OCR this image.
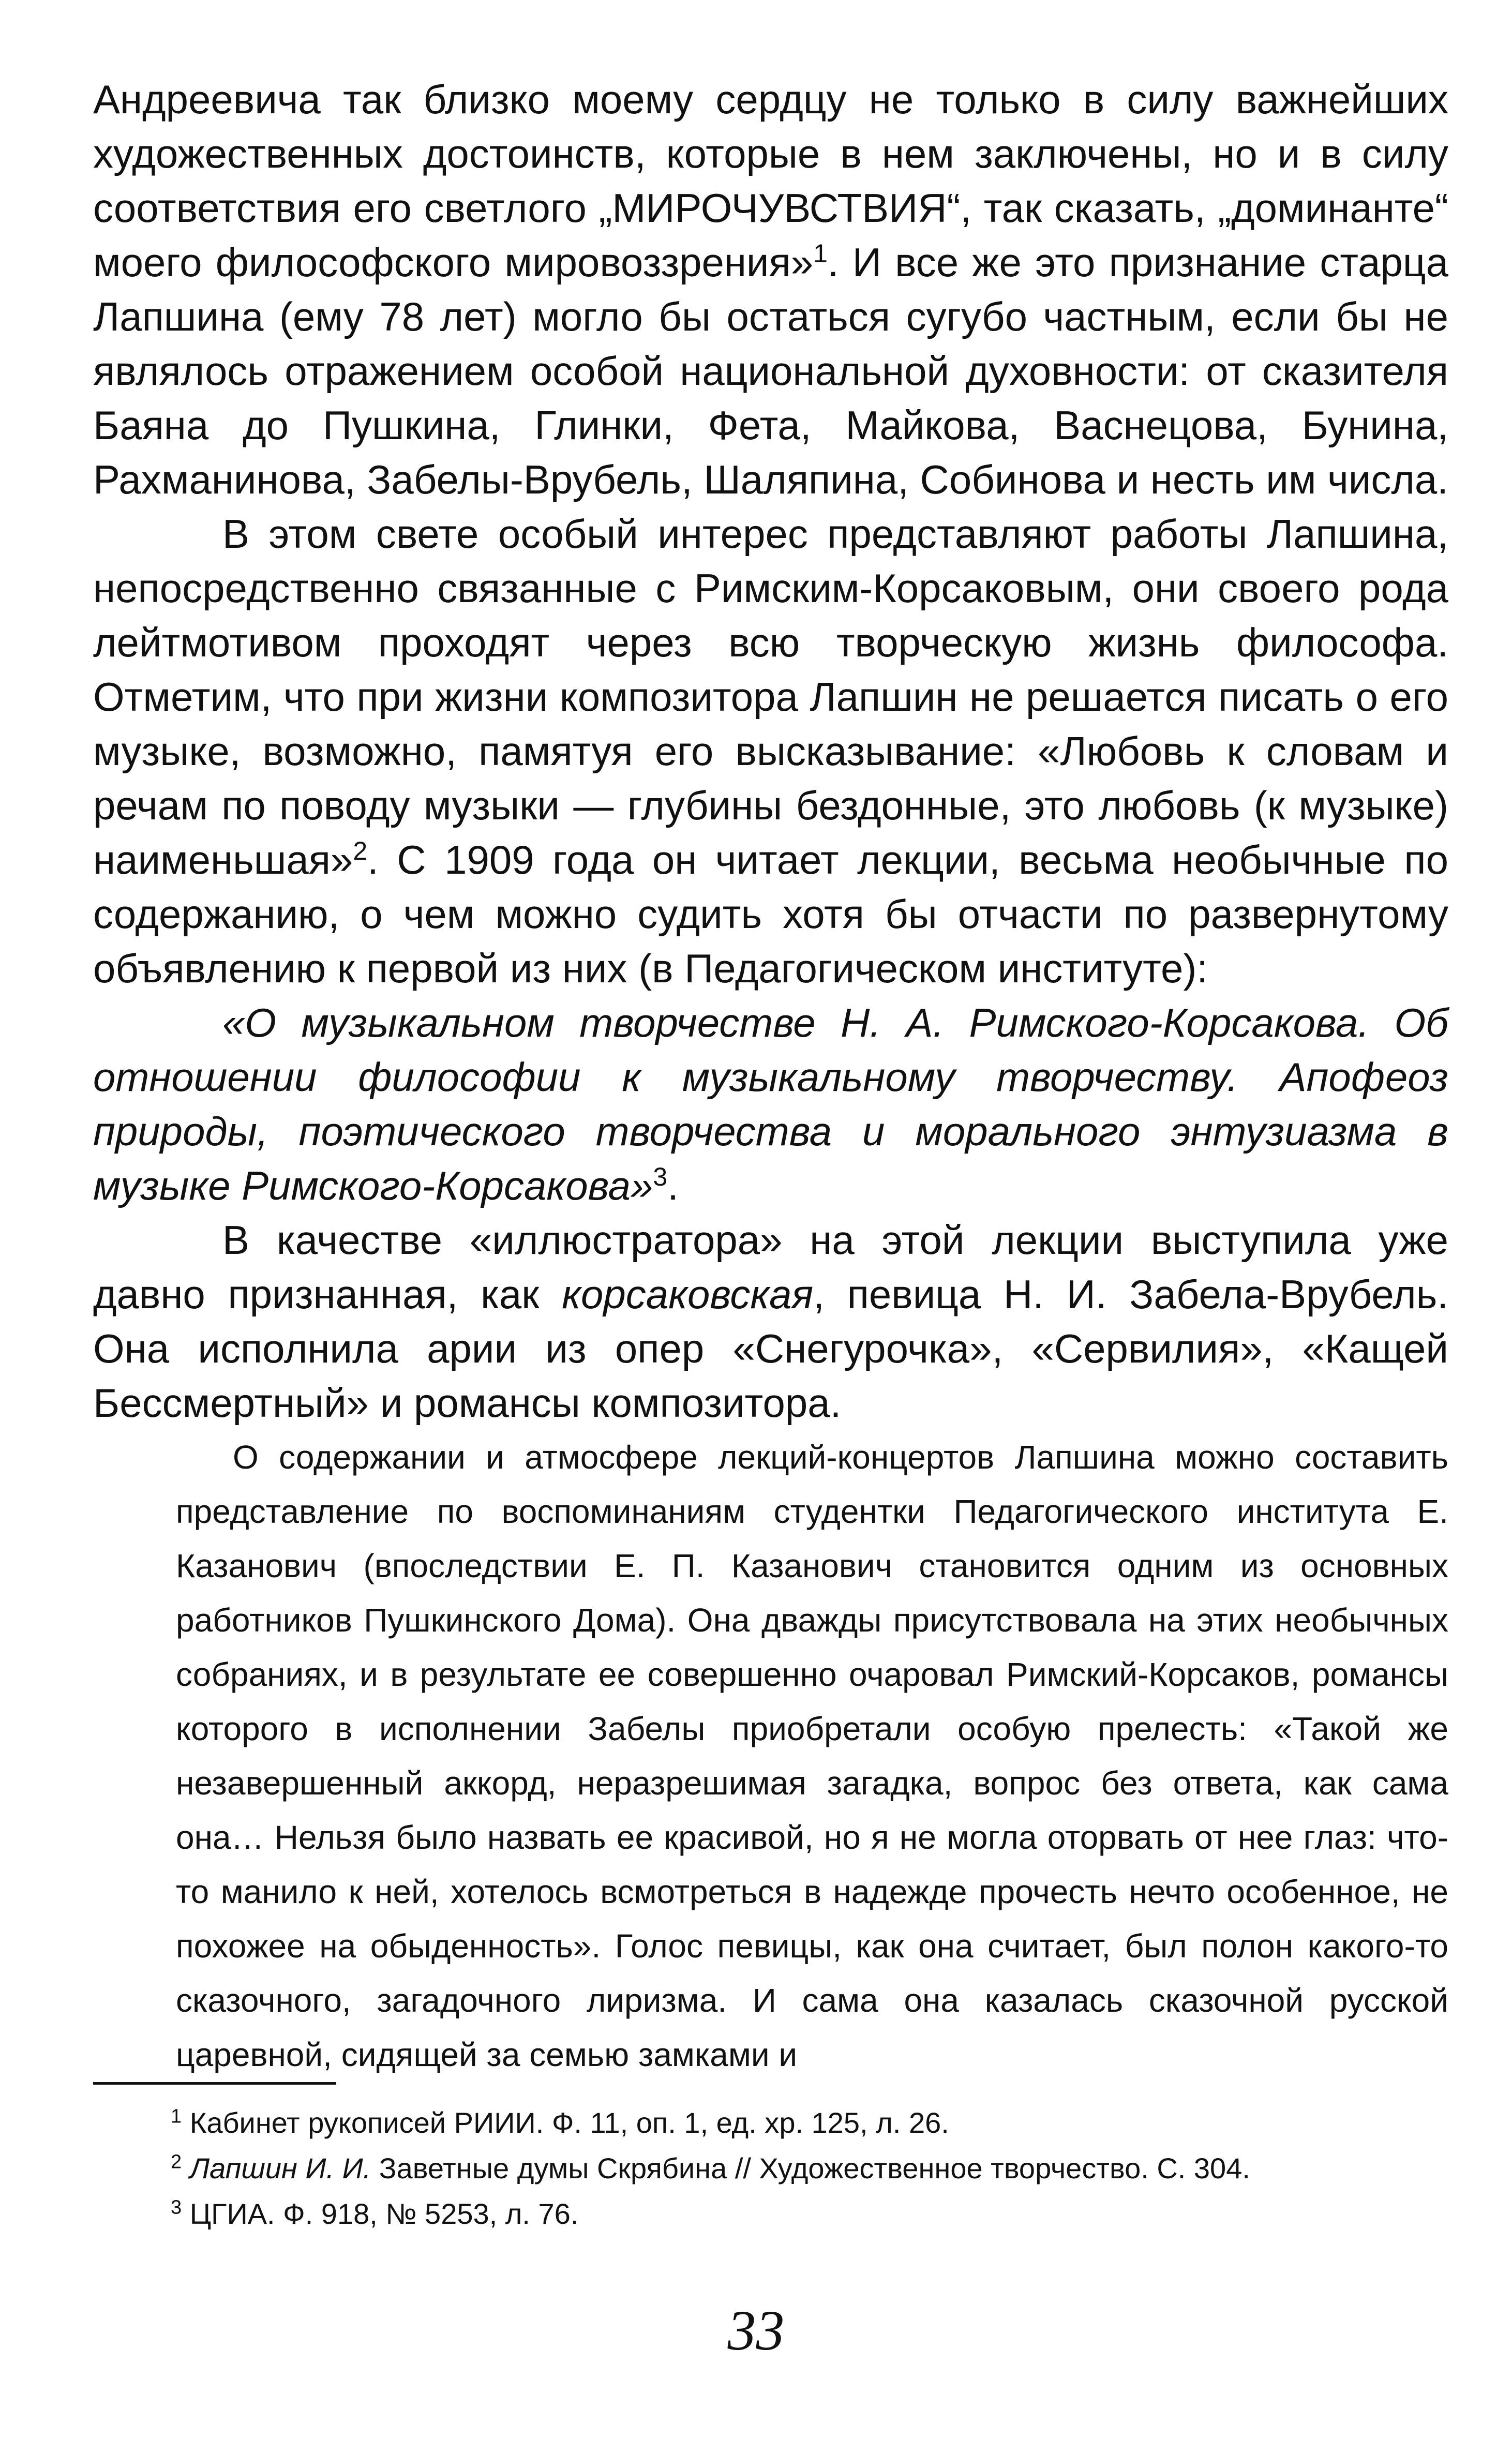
Андреевича так близко моему сердцу не только в силу важнейших художественных достоинств, которые в нем заключены, но и в силу соответствия его светлого „МИРОЧУВСТВИЯ“, так сказать, „доминанте“ моего философского мировоззрения»$^1$. И все же это признание старца Лапшина (ему 78 лет) могло бы остаться сугубо частным, если бы не являлось отражением особой национальной духовности: от сказителя Баяна до Пушкина, Глинки, Фета, Майкова, Васнецова, Бунина, Рахманинова, Забелы-Врубель, Шаляпина, Собинова и несть им числа.

В этом свете особый интерес представляют работы Лапшина, непосредственно связанные с Римским-Корсаковым, они своего рода лейтмотивом проходят через всю творческую жизнь философа. Отметим, что при жизни композитора Лапшин не решается писать о его музыке, возможно, памятуя его высказывание: «Любовь к словам и речам по поводу музыки — глубины бездонные, это любовь (к музыке) наименьшая»$^2$. С 1909 года он читает лекции, весьма необычные по содержанию, о чем можно судить хотя бы отчасти по развернутому объявлению к первой из них (в Педагогическом институте):

«О музыкальном творчестве Н. А. Римского-Корсакова. Об отношении философии к музыкальному творчеству. Апофеоз природы, поэтического творчества и морального энтузиазма в музыке Римского-Корсакова»$^3$.

В качестве «иллюстратора» на этой лекции выступила уже давно признанная, как корсаковская, певица Н. И. Забела-Врубель. Она исполнила арии из опер «Снегурочка», «Сервилия», «Кащей Бессмертный» и романсы композитора.

О содержании и атмосфере лекций-концертов Лапшина можно составить представление по воспоминаниям студентки Педагогического института Е. Казанович (впоследствии Е. П. Казанович становится одним из основных работников Пушкинского Дома). Она дважды присутствовала на этих необычных собраниях, и в результате ее совершенно очаровал Римский-Корсаков, романсы которого в исполнении Забелы приобретали особую прелесть: «Такой же незавершенный аккорд, неразрешимая загадка, вопрос без ответа, как сама она… Нельзя было назвать ее красивой, но я не могла оторвать от нее глаз: что-то манило к ней, хотелось всмотреться в надежде прочесть нечто особенное, не похожее на обыденность». Голос певицы, как она считает, был полон какого-то сказочного, загадочного лиризма. И сама она казалась сказочной русской царевной, сидящей за семью замками и

$^1$ Кабинет рукописей РИИИ. Ф. 11, оп. 1, ед. хр. 125, л. 26.

$^2$ Лапшин И. И. Заветные думы Скрябина // Художественное творчество. С. 304.

$^3$ ЦГИА. Ф. 918, № 5253, л. 76.

33
